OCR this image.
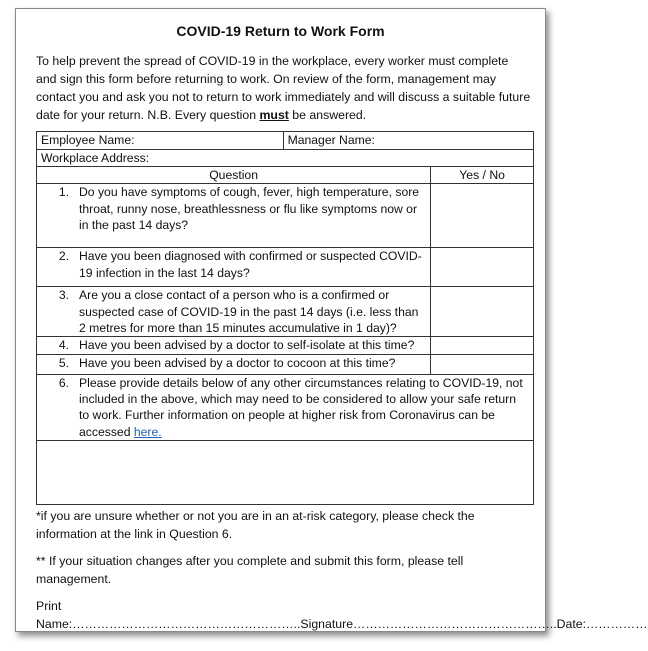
COVID-19 Return to Work Form

To help prevent the spread of COVID-19 in the workplace, every worker must complete and sign this form before returning to work. On review of the form, management may contact you and ask you not to return to work immediately and will discuss a suitable future date for your return. N.B. Every question must be answered.

Employee Name:	Manager Name:	
Workplace Address:		
Question		Yes / No

1. Do you have symptoms of cough, fever, high temperature, sore throat, runny nose, breathlessness or flu like symptoms now or in the past 14 days?		

2. Have you been diagnosed with confirmed or suspected COVID-19 infection in the last 14 days?		

3. Are you a close contact of a person who is a confirmed or suspected case of COVID-19 in the past 14 days (i.e. less than 2 metres for more than 15 minutes accumulative in 1 day)?		

4. Have you been advised by a doctor to self-isolate at this time?		

5. Have you been advised by a doctor to cocoon at this time?		

6. Please provide details below of any other circumstances relating to COVID-19, not included in the above, which may need to be considered to allow your safe return to work. Further information on people at higher risk from Coronavirus can be accessed here.		

*if you are unsure whether or not you are in an at-risk category, please check the information at the link in Question 6.

** If your situation changes after you complete and submit this form, please tell management.

Print
Name:………………………………………………..Signature…………………………………………..Date:……………
